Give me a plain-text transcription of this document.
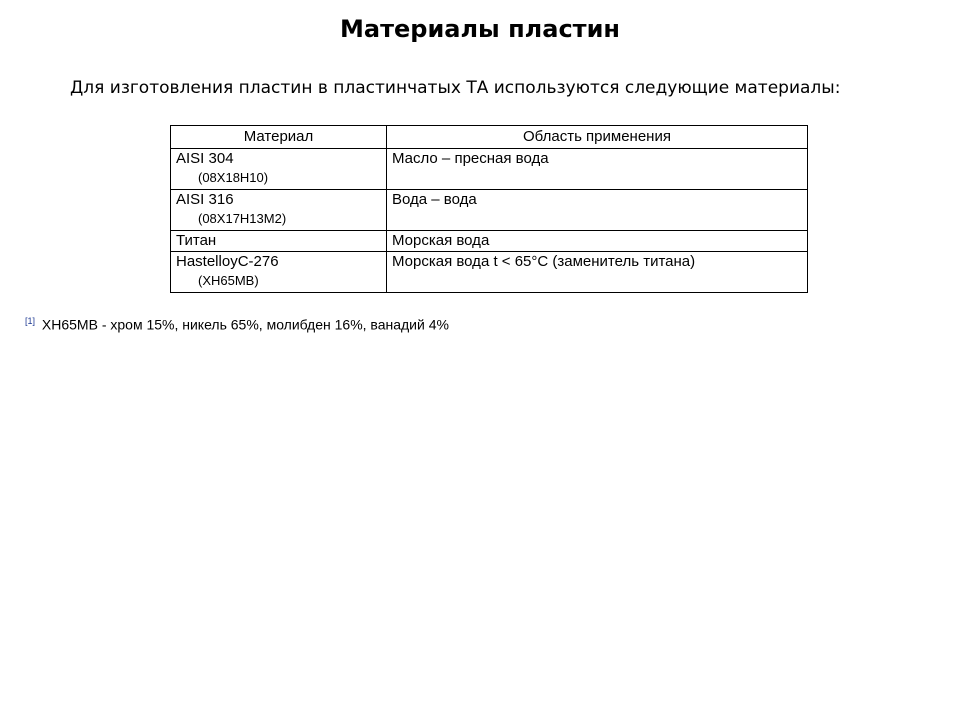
Материалы пластин
Для изготовления пластин в пластинчатых ТА используются следующие материалы:
Материал	Область применения

AISI 304
(08Х18Н10)	Масло – пресная вода

AISI 316
(08Х17Н13М2)	Вода – вода

Титан	Морская вода

HastelloyC-276
(ХН65МВ)	Морская вода t < 65°C (заменитель титана)
[1] ХН65МВ - хром 15%, никель 65%, молибден 16%, ванадий 4%
